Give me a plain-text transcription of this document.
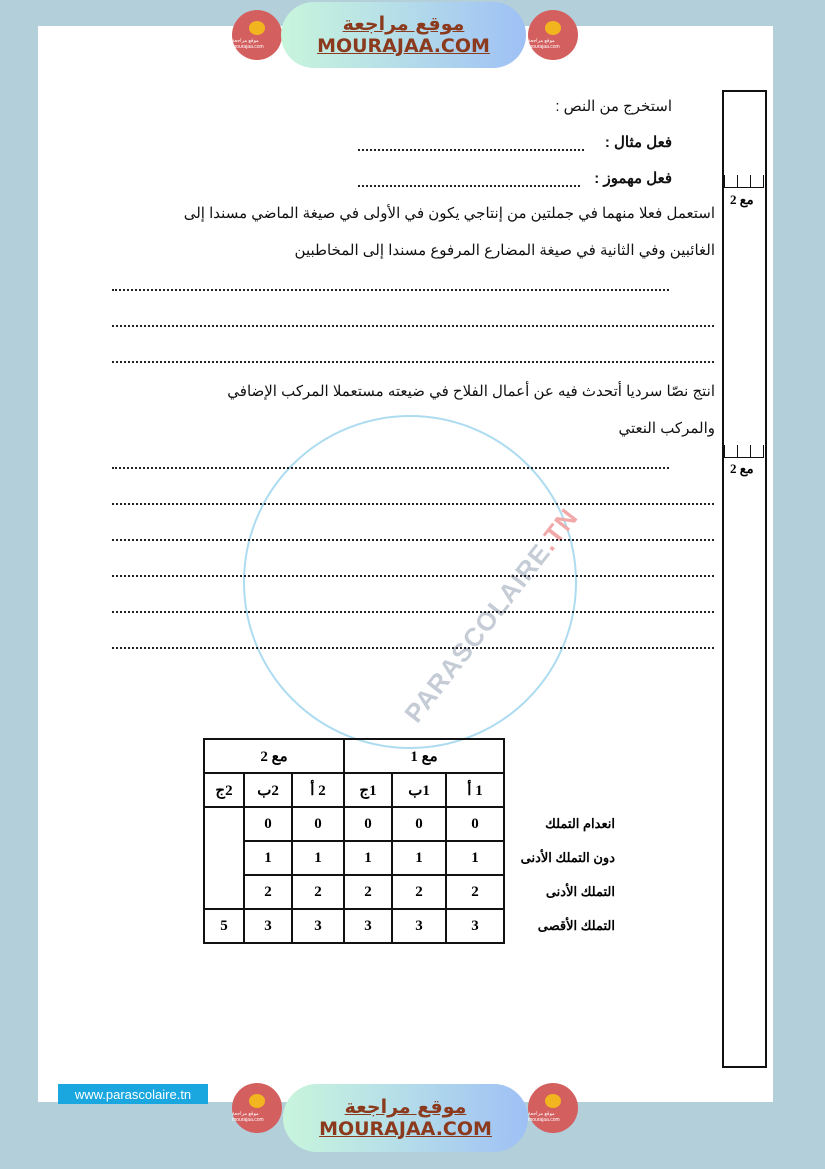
PARASCOLAIRE.TN
موقع مراجعة mourajaa.com
موقع مراجعة
MOURAJAA.COM	موقع مراجعة mourajaa.com
مع 2
مع 2
استخرج من النص :
فعل مثال :
فعل مهموز :
استعمل فعلا منهما في جملتين من إنتاجي يكون في الأولى في صيغة الماضي مسندا إلى
الغائبين وفي الثانية في صيغة المضارع المرفوع مسندا إلى المخاطبين
انتج نصّا سرديا أتحدث فيه عن أعمال الفلاح في ضيعته مستعملا المركب الإضافي
والمركب النعتي
	مع 1			مع 2		
	1 أ	1ب	1ج	2 أ	2ب	2ج
انعدام التملك	0	0	0	0	0	
دون التملك الأدنى	1	1	1	1	1	
التملك الأدنى	2	2	2	2	2	
التملك الأقصى	3	3	3	3	3	5
www.parascolaire.tn
موقع مراجعة mourajaa.com
موقع مراجعة
MOURAJAA.COM
موقع مراجعة mourajaa.com
